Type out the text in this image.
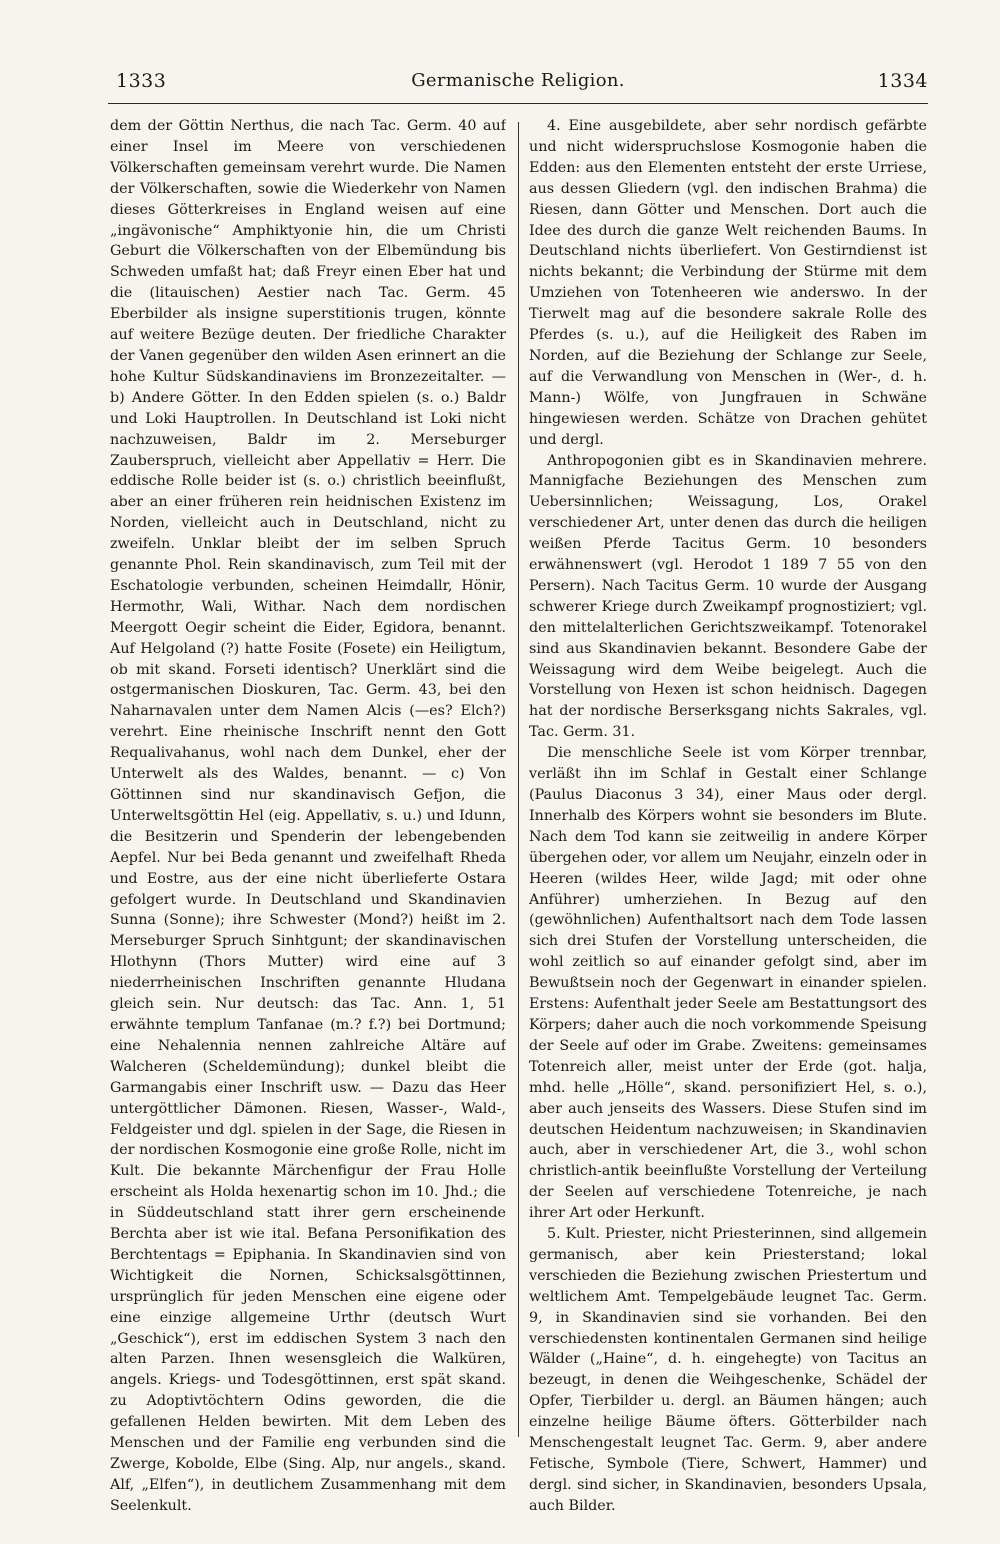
1333	Germanische Religion.	1334

dem der Göttin Nerthus, die nach Tac. Germ. 40 auf einer Insel im Meere von verschiedenen Völkerschaften gemeinsam verehrt wurde. Die Namen der Völkerschaften, sowie die Wiederkehr von Namen dieses Götterkreises in England weisen auf eine „ingävonische“ Amphiktyonie hin, die um Christi Geburt die Völkerschaften von der Elbemündung bis Schweden umfaßt hat; daß Freyr einen Eber hat und die (litauischen) Aestier nach Tac. Germ. 45 Eberbilder als insigne superstitionis trugen, könnte auf weitere Bezüge deuten. Der friedliche Charakter der Vanen gegenüber den wilden Asen erinnert an die hohe Kultur Südskandinaviens im Bronzezeitalter. — b) Andere Götter. In den Edden spielen (s. o.) Baldr und Loki Hauptrollen. In Deutschland ist Loki nicht nachzuweisen, Baldr im 2. Merseburger Zauberspruch, vielleicht aber Appellativ = Herr. Die eddische Rolle beider ist (s. o.) christlich beeinflußt, aber an einer früheren rein heidnischen Existenz im Norden, vielleicht auch in Deutschland, nicht zu zweifeln. Unklar bleibt der im selben Spruch genannte Phol. Rein skandinavisch, zum Teil mit der Eschatologie verbunden, scheinen Heimdallr, Hönir, Hermothr, Wali, Withar. Nach dem nordischen Meergott Oegir scheint die Eider, Egidora, benannt. Auf Helgoland (?) hatte Fosite (Fosete) ein Heiligtum, ob mit skand. Forseti identisch? Unerklärt sind die ostgermanischen Dioskuren, Tac. Germ. 43, bei den Naharnavalen unter dem Namen Alcis (—es? Elch?) verehrt. Eine rheinische Inschrift nennt den Gott Requalivahanus, wohl nach dem Dunkel, eher der Unterwelt als des Waldes, benannt. — c) Von Göttinnen sind nur skandinavisch Gefjon, die Unterweltsgöttin Hel (eig. Appellativ, s. u.) und Idunn, die Besitzerin und Spenderin der lebengebenden Aepfel. Nur bei Beda genannt und zweifelhaft Rheda und Eostre, aus der eine nicht überlieferte Ostara gefolgert wurde. In Deutschland und Skandinavien Sunna (Sonne); ihre Schwester (Mond?) heißt im 2. Merseburger Spruch Sinhtgunt; der skandinavischen Hlothynn (Thors Mutter) wird eine auf 3 niederrheinischen Inschriften genannte Hludana gleich sein. Nur deutsch: das Tac. Ann. 1, 51 erwähnte templum Tanfanae (m.? f.?) bei Dortmund; eine Nehalennia nennen zahlreiche Altäre auf Walcheren (Scheldemündung); dunkel bleibt die Garmangabis einer Inschrift usw. — Dazu das Heer untergöttlicher Dämonen. Riesen, Wasser-, Wald-, Feldgeister und dgl. spielen in der Sage, die Riesen in der nordischen Kosmogonie eine große Rolle, nicht im Kult. Die bekannte Märchenfigur der Frau Holle erscheint als Holda hexenartig schon im 10. Jhd.; die in Süddeutschland statt ihrer gern erscheinende Berchta aber ist wie ital. Befana Personifikation des Berchtentags = Epiphania. In Skandinavien sind von Wichtigkeit die Nornen, Schicksalsgöttinnen, ursprünglich für jeden Menschen eine eigene oder eine einzige allgemeine Urthr (deutsch Wurt „Geschick“), erst im eddischen System 3 nach den alten Parzen. Ihnen wesensgleich die Walküren, angels. Kriegs- und Todesgöttinnen, erst spät skand. zu Adoptivtöchtern Odins geworden, die die gefallenen Helden bewirten. Mit dem Leben des Menschen und der Familie eng verbunden sind die Zwerge, Kobolde, Elbe (Sing. Alp, nur angels., skand. Alf, „Elfen“), in deutlichem Zusammenhang mit dem Seelenkult.

4. Eine ausgebildete, aber sehr nordisch gefärbte und nicht widerspruchslose Kosmogonie haben die Edden: aus den Elementen entsteht der erste Urriese, aus dessen Gliedern (vgl. den indischen Brahma) die Riesen, dann Götter und Menschen. Dort auch die Idee des durch die ganze Welt reichenden Baums. In Deutschland nichts überliefert. Von Gestirndienst ist nichts bekannt; die Verbindung der Stürme mit dem Umziehen von Totenheeren wie anderswo. In der Tierwelt mag auf die besondere sakrale Rolle des Pferdes (s. u.), auf die Heiligkeit des Raben im Norden, auf die Beziehung der Schlange zur Seele, auf die Verwandlung von Menschen in (Wer-, d. h. Mann-) Wölfe, von Jungfrauen in Schwäne hingewiesen werden. Schätze von Drachen gehütet und dergl.

Anthropogonien gibt es in Skandinavien mehrere. Mannigfache Beziehungen des Menschen zum Uebersinnlichen; Weissagung, Los, Orakel verschiedener Art, unter denen das durch die heiligen weißen Pferde Tacitus Germ. 10 besonders erwähnenswert (vgl. Herodot 1 189 7 55 von den Persern). Nach Tacitus Germ. 10 wurde der Ausgang schwerer Kriege durch Zweikampf prognostiziert; vgl. den mittelalterlichen Gerichtszweikampf. Totenorakel sind aus Skandinavien bekannt. Besondere Gabe der Weissagung wird dem Weibe beigelegt. Auch die Vorstellung von Hexen ist schon heidnisch. Dagegen hat der nordische Berserksgang nichts Sakrales, vgl. Tac. Germ. 31.

Die menschliche Seele ist vom Körper trennbar, verläßt ihn im Schlaf in Gestalt einer Schlange (Paulus Diaconus 3 34), einer Maus oder dergl. Innerhalb des Körpers wohnt sie besonders im Blute. Nach dem Tod kann sie zeitweilig in andere Körper übergehen oder, vor allem um Neujahr, einzeln oder in Heeren (wildes Heer, wilde Jagd; mit oder ohne Anführer) umherziehen. In Bezug auf den (gewöhnlichen) Aufenthaltsort nach dem Tode lassen sich drei Stufen der Vorstellung unterscheiden, die wohl zeitlich so auf einander gefolgt sind, aber im Bewußtsein noch der Gegenwart in einander spielen. Erstens: Aufenthalt jeder Seele am Bestattungsort des Körpers; daher auch die noch vorkommende Speisung der Seele auf oder im Grabe. Zweitens: gemeinsames Totenreich aller, meist unter der Erde (got. halja, mhd. helle „Hölle“, skand. personifiziert Hel, s. o.), aber auch jenseits des Wassers. Diese Stufen sind im deutschen Heidentum nachzuweisen; in Skandinavien auch, aber in verschiedener Art, die 3., wohl schon christlich-antik beeinflußte Vorstellung der Verteilung der Seelen auf verschiedene Totenreiche, je nach ihrer Art oder Herkunft.

5. Kult. Priester, nicht Priesterinnen, sind allgemein germanisch, aber kein Priesterstand; lokal verschieden die Beziehung zwischen Priestertum und weltlichem Amt. Tempelgebäude leugnet Tac. Germ. 9, in Skandinavien sind sie vorhanden. Bei den verschiedensten kontinentalen Germanen sind heilige Wälder („Haine“, d. h. eingehegte) von Tacitus an bezeugt, in denen die Weihgeschenke, Schädel der Opfer, Tierbilder u. dergl. an Bäumen hängen; auch einzelne heilige Bäume öfters. Götterbilder nach Menschengestalt leugnet Tac. Germ. 9, aber andere Fetische, Symbole (Tiere, Schwert, Hammer) und dergl. sind sicher, in Skandinavien, besonders Upsala, auch Bilder.
